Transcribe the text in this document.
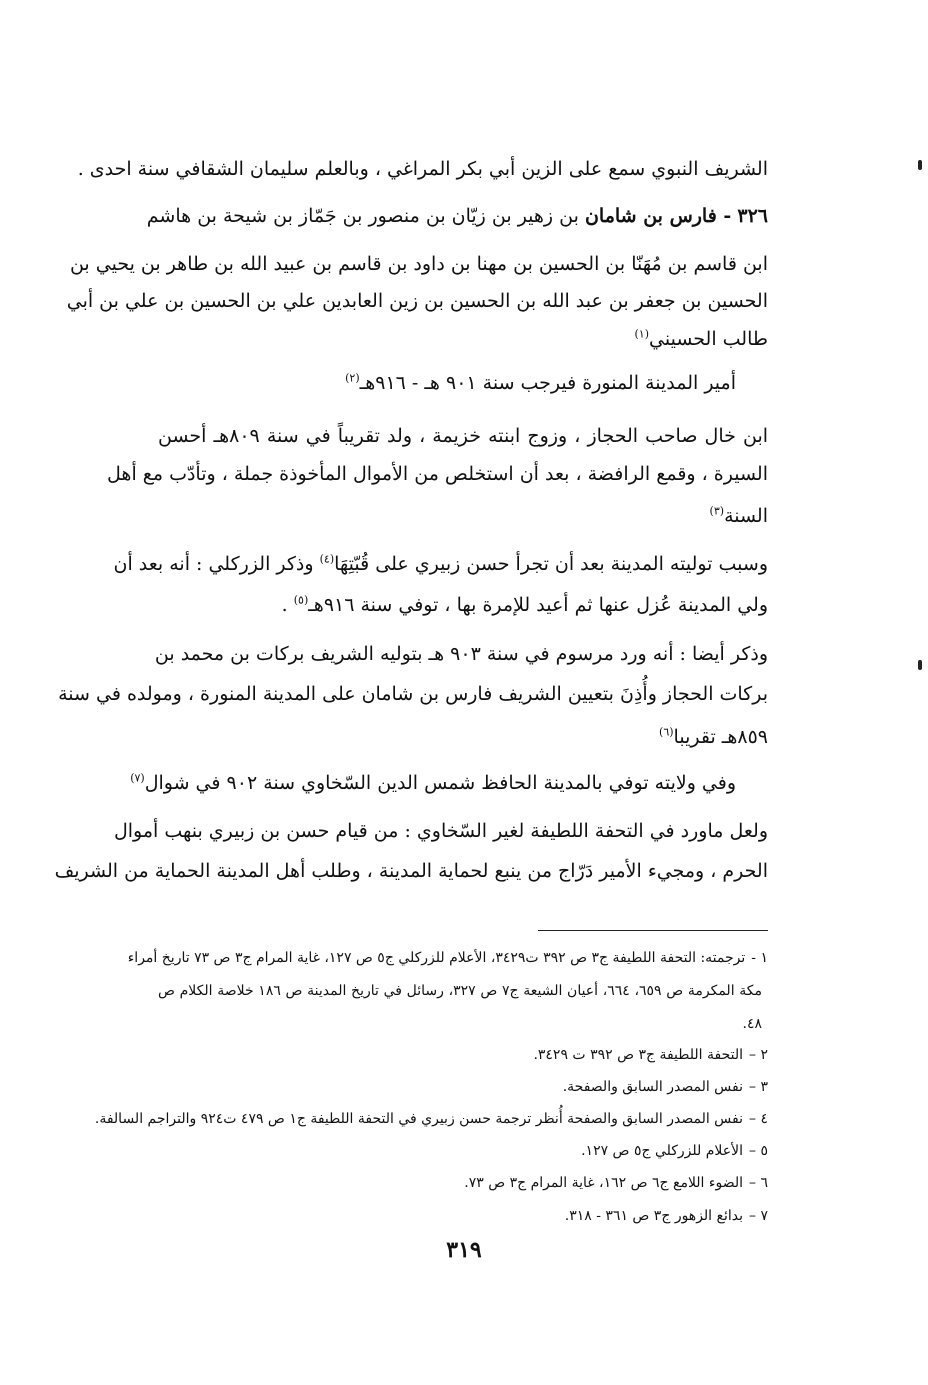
الشريف النبوي سمع على الزين أبي بكر المراغي ، وبالعلم سليمان الشقافي سنة احدى .
٣٢٦ - فارس بن شامان بن زهير بن زيّان بن منصور بن جَمّاز بن شيحة بن هاشم
ابن قاسم بن مُهَنّا بن الحسين بن مهنا بن داود بن قاسم بن عبيد الله بن طاهر بن يحيي بن
الحسين بن جعفر بن عبد الله بن الحسين بن زين العابدين علي بن الحسين بن علي بن أبي
طالب الحسيني$^{(١)}$
أمير المدينة المنورة فيرجب سنة ٩٠١ هـ - ٩١٦هـ$^{(٢)}$
ابن خال صاحب الحجاز ، وزوج ابنته خزيمة ، ولد تقريباً في سنة ٨٠٩هـ أحسن
السيرة ، وقمع الرافضة ، بعد أن استخلص من الأموال المأخوذة جملة ، وتأدّب مع أهل
السنة$^{(٣)}$
وسبب توليته المدينة بعد أن تجرأ حسن زبيري على قُبّتِهَا$^{(٤)}$ وذكر الزركلي : أنه بعد أن
ولي المدينة عُزل عنها ثم أعيد للإمرة بها ، توفي سنة ٩١٦هـ$^{(٥)}$ .
وذكر أيضا : أنه ورد مرسوم في سنة ٩٠٣ هـ بتوليه الشريف بركات بن محمد بن
بركات الحجاز وأُذِنَ بتعيين الشريف فارس بن شامان على المدينة المنورة ، ومولده في سنة
٨٥٩هـ تقريبا$^{(٦)}$
وفي ولايته توفي بالمدينة الحافظ شمس الدين السّخاوي سنة ٩٠٢ في شوال$^{(٧)}$
ولعل ماورد في التحفة اللطيفة لغير السّخاوي : من قيام حسن بن زبيري بنهب أموال
الحرم ، ومجيء الأمير دَرّاج من ينبع لحماية المدينة ، وطلب أهل المدينة الحماية من الشريف
١ -ترجمته: التحفة اللطيفة ج٣ ص ٣٩٢ ت٣٤٢٩، الأعلام للزركلي ج٥ ص ١٢٧، غاية المرام ج٣ ص ٧٣ تاريخ أمراء
مكة المكرمة ص ٦٥٩، ٦٦٤، أعيان الشيعة ج٧ ص ٣٢٧، رسائل في تاريخ المدينة ص ١٨٦ خلاصة الكلام ص
٤٨.
٢ –التحفة اللطيفة ج٣ ص ٣٩٢ ت ٣٤٢٩.
٣ –نفس المصدر السابق والصفحة.
٤ –نفس المصدر السابق والصفحة أُنظر ترجمة حسن زبيري في التحفة اللطيفة ج١ ص ٤٧٩ ت٩٢٤ والتراجم السالفة.
٥ –الأعلام للزركلي ج٥ ص ١٢٧.
٦ –الضوء اللامع ج٦ ص ١٦٢، غاية المرام ج٣ ص ٧٣.
٧ –بدائع الزهور ج٣ ص ٣٦١ - ٣١٨.
٣١٩
